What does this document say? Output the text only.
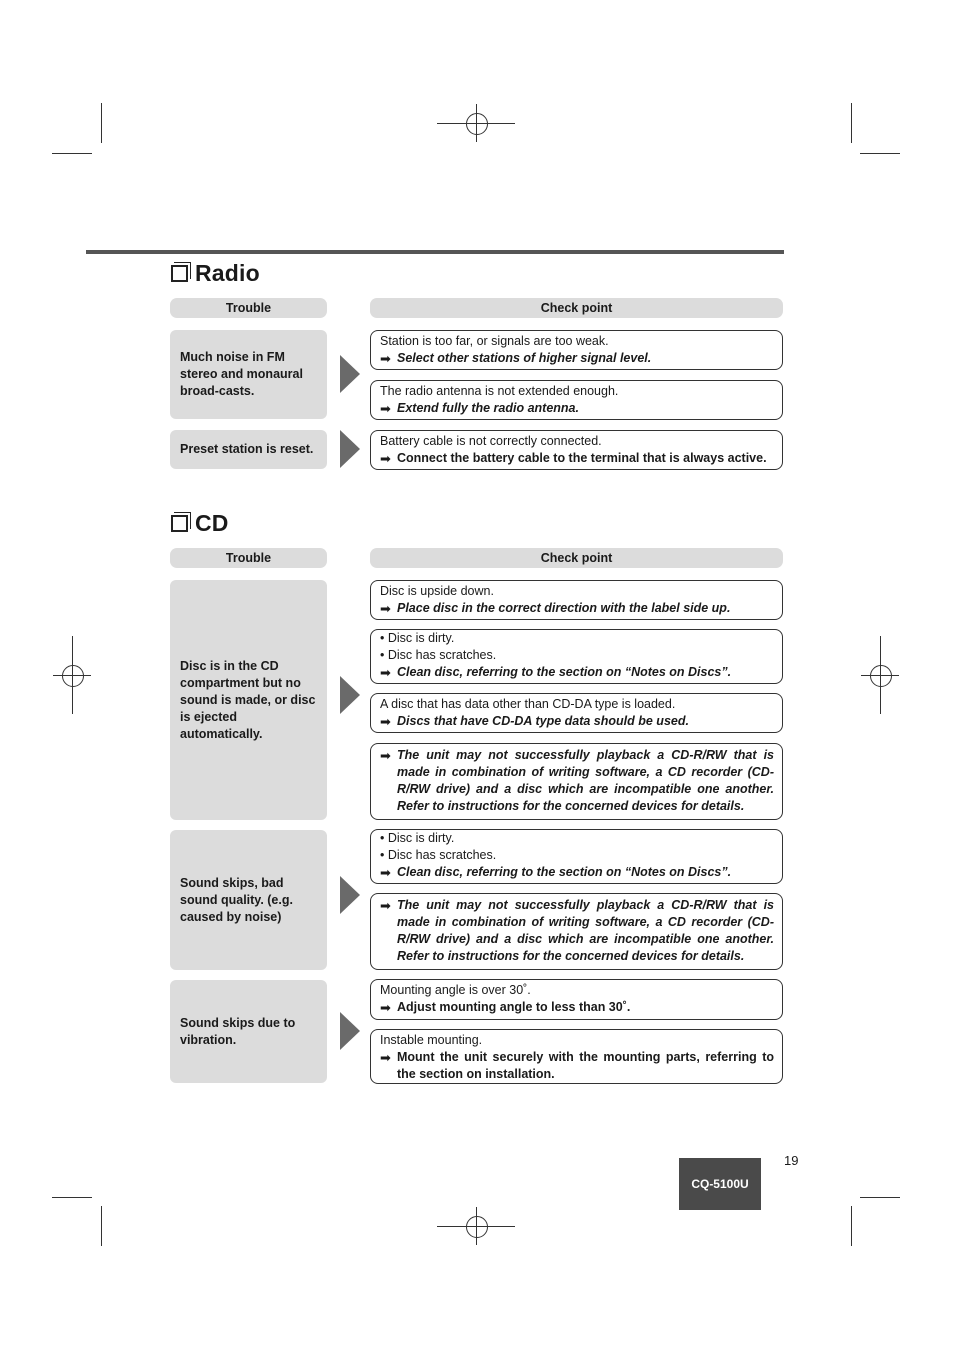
Radio
Trouble	Check point
Much noise in FM stereo and monaural broad-casts.
Station is too far, or signals are too weak.
➡ Select other stations of higher signal level.
The radio antenna is not extended enough.
➡ Extend fully the radio antenna.
Preset station is reset.
Battery cable is not correctly connected.
➡ Connect the battery cable to the terminal that is always active.
CD
Trouble	Check point
Disc is in the CD compartment but no sound is made, or disc is ejected automatically.
Disc is upside down.
➡ Place disc in the correct direction with the label side up.
• Disc is dirty.
• Disc has scratches.
➡ Clean disc, referring to the section on “Notes on Discs”.
A disc that has data other than CD-DA type is loaded.
➡ Discs that have CD-DA type data should be used.
➡ The unit may not successfully playback a CD-R/RW that is made in combination of writing software, a CD recorder (CD-R/RW drive) and a disc which are incompatible one another. Refer to instructions for the concerned devices for details.
Sound skips, bad sound quality. (e.g. caused by noise)
• Disc is dirty.
• Disc has scratches.
➡ Clean disc, referring to the section on “Notes on Discs”.
➡ The unit may not successfully playback a CD-R/RW that is made in combination of writing software, a CD recorder (CD-R/RW drive) and a disc which are incompatible one another. Refer to instructions for the concerned devices for details.
Sound skips due to vibration.
Mounting angle is over 30˚.
➡ Adjust mounting angle to less than 30˚.
Instable mounting.
➡ Mount the unit securely with the mounting parts, referring to the section on installation.
CQ-5100U
19
